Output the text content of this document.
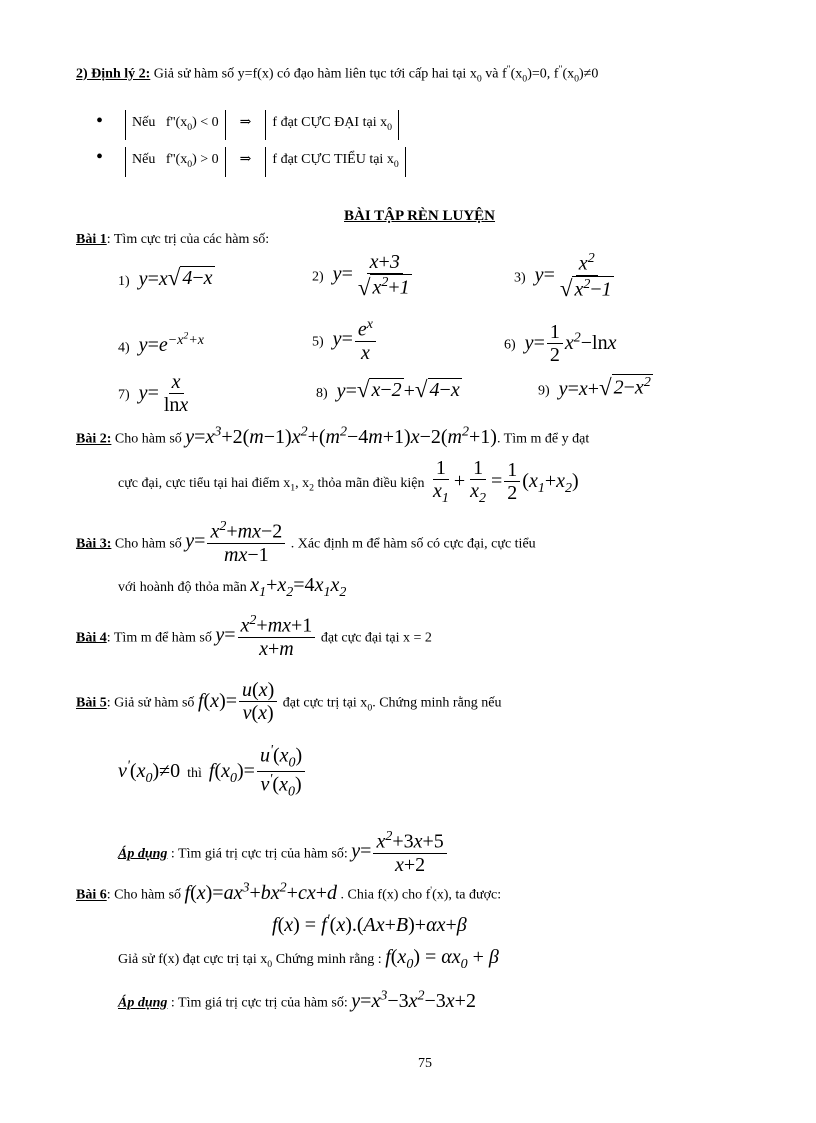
2) Định lý 2: Giả sử hàm số y=f(x) có đạo hàm liên tục tới cấp hai tại $x_0$ và $f^"(x_0)=0$, $f^"(x_0)\ne 0$
•	Nếu $f''(x_0) < 0$ ⇒ f đạt CỰC ĐẠI tại $x_0$
•	Nếu $f''(x_0) > 0$ ⇒ f đạt CỰC TIỂU tại $x_0$
BÀI TẬP RÈN LUYỆN
Bài 1: Tìm cực trị của các hàm số:
1)  y=x √ 4−x	2)  $y= \frac{x+3}{√ x^2+1}$	3)  $y= \frac{x^2}{√ x^2-1}$
4)  $y=e^{-x^2+x}$	5)  $y= \frac{e^x}{x}$	6)  $y= \frac{1}{2} x^2-\ln x$
7)  $y= \frac{x}{\ln x}$	8)  y= √ x−2 + √ 4−x	9)  y=x+ √ $2-x^2$
Bài 2: Cho hàm số $y=x^3+2(m-1)x^2+(m^2-4m+1)x-2(m^2+1)$. Tìm m để y đạt
cực đại, cực tiểu tại hai điểm $x_1$, $x_2$ thỏa mãn điều kiện $\frac{1}{x_1} + \frac{1}{x_2} = \frac{1}{2} (x_1+x_2)$
Bài 3: Cho hàm số $y= \frac{x^2+mx-2}{mx-1}$ . Xác định m để hàm số có cực đại, cực tiểu
với hoành độ thỏa mãn $x_1+x_2=4x_1x_2$
Bài 4: Tìm m để hàm số $y= \frac{x^2+mx+1}{x+m}$ đạt cực đại tại x = 2
Bài 5: Giả sử hàm số $f(x)= \frac{u(x)}{v(x)}$ đạt cực trị tại $x_0$. Chứng minh rằng nếu
$v'(x_0)\ne 0$ thì $f(x_0)= \frac{u'(x_0)}{v'(x_0)}$
Áp dụng : Tìm giá trị cực trị của hàm số: $y= \frac{x^2+3x+5}{x+2}$
Bài 6: Cho hàm số $f(x)=ax^3+bx^2+cx+d$ . Chia f(x) cho f'(x), ta được:
f(x) = f'(x).(Ax+B)+αx+β
Giả sử f(x) đạt cực trị tại $x_0$ Chứng minh rằng : $f(x_0) = \alpha x_0 + \beta$
Áp dụng : Tìm giá trị cực trị của hàm số: $y=x^3-3x^2-3x+2$
75
